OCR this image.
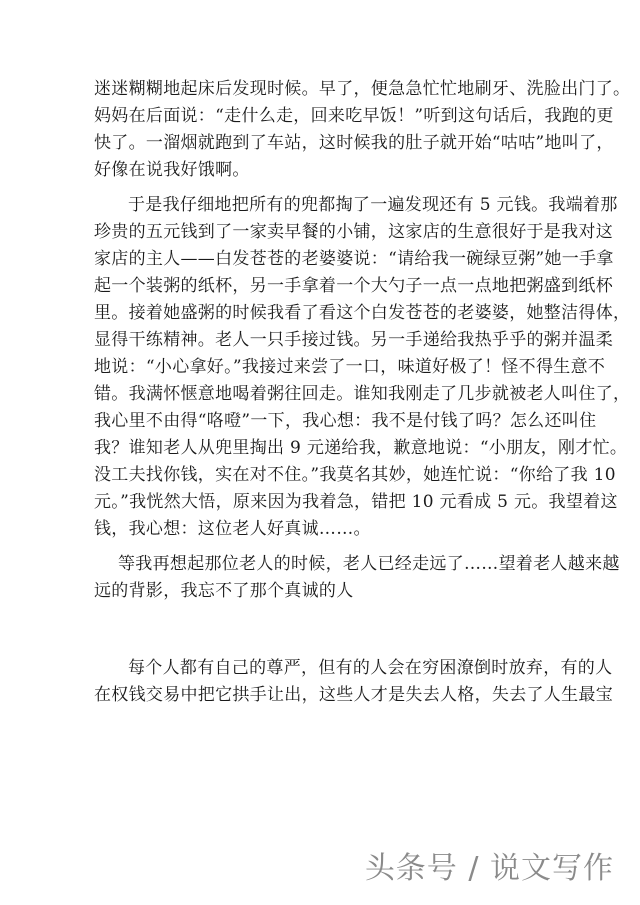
迷迷糊糊地起床后发现时候。早了，便急急忙忙地刷牙、洗脸出门了。
妈妈在后面说：“走什么走，回来吃早饭！”听到这句话后，我跑的更
快了。一溜烟就跑到了车站，这时候我的肚子就开始“咕咕”地叫了，
好像在说我好饿啊。
于是我仔细地把所有的兜都掏了一遍发现还有 5 元钱。我端着那
珍贵的五元钱到了一家卖早餐的小铺，这家店的生意很好于是我对这
家店的主人——白发苍苍的老婆婆说：“请给我一碗绿豆粥”她一手拿
起一个装粥的纸杯，另一手拿着一个大勺子一点一点地把粥盛到纸杯
里。接着她盛粥的时候我看了看这个白发苍苍的老婆婆，她整洁得体，
显得干练精神。老人一只手接过钱。另一手递给我热乎乎的粥并温柔
地说：“小心拿好。”我接过来尝了一口，味道好极了！怪不得生意不
错。我满怀惬意地喝着粥往回走。谁知我刚走了几步就被老人叫住了，
我心里不由得“咯噔”一下，我心想：我不是付钱了吗？怎么还叫住
我？谁知老人从兜里掏出 9 元递给我，歉意地说：“小朋友，刚才忙。
没工夫找你钱，实在对不住。”我莫名其妙，她连忙说：“你给了我 10
元。”我恍然大悟，原来因为我着急，错把 10 元看成 5 元。我望着这
钱，我心想：这位老人好真诚……。
等我再想起那位老人的时候，老人已经走远了……望着老人越来越
远的背影，我忘不了那个真诚的人
每个人都有自己的尊严，但有的人会在穷困潦倒时放弃，有的人
在权钱交易中把它拱手让出，这些人才是失去人格，失去了人生最宝
头条号 / 说文写作
